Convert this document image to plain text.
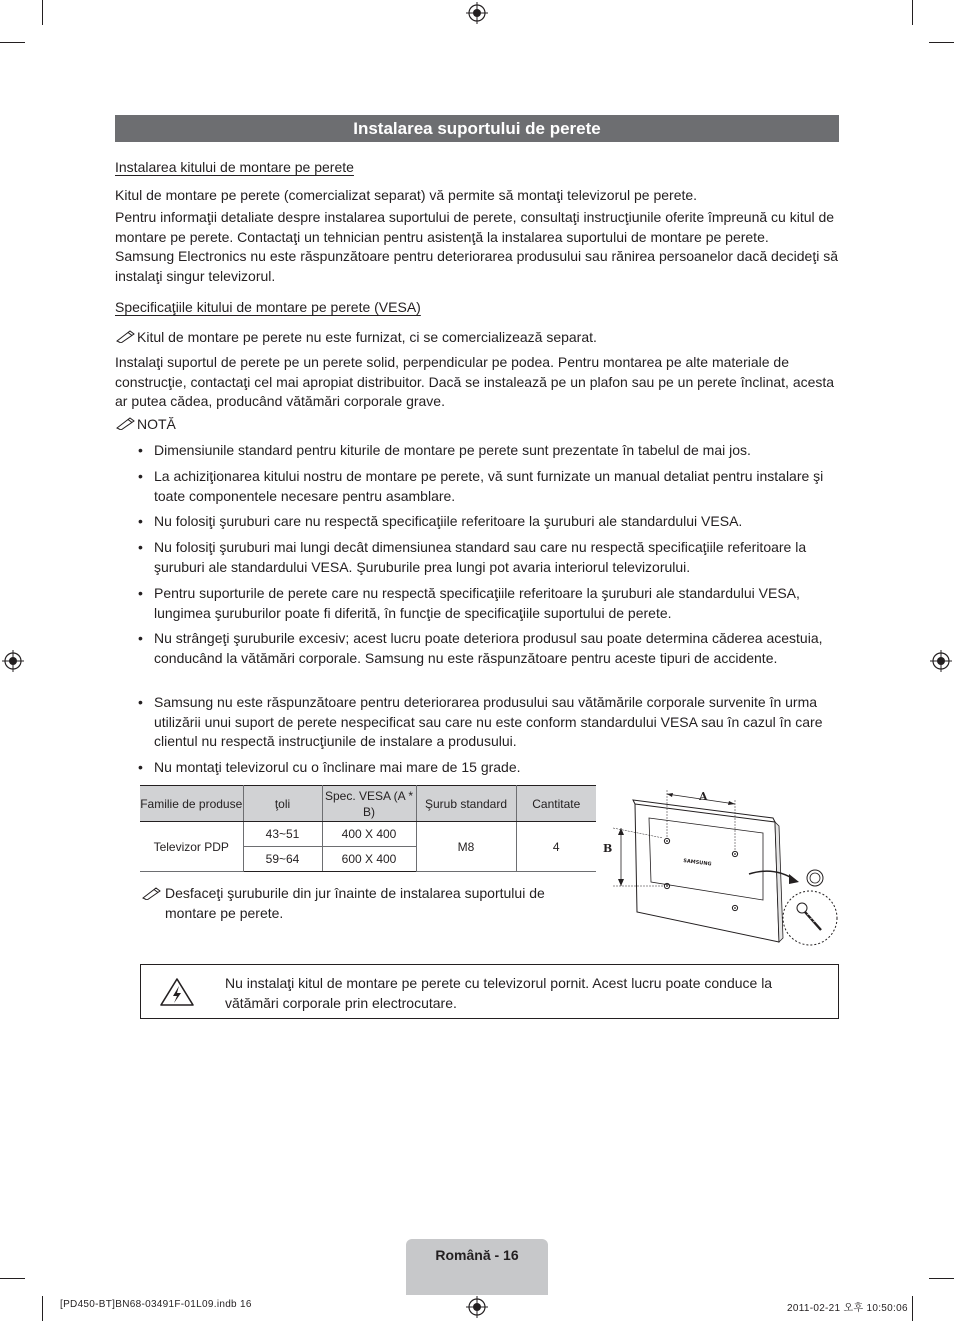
Instalarea suportului de perete
Instalarea kitului de montare pe perete
Kitul de montare pe perete (comercializat separat) vă permite să montaţi televizorul pe perete.
Pentru informaţii detaliate despre instalarea suportului de perete, consultaţi instrucţiunile oferite împreună cu kitul de montare pe perete. Contactaţi un tehnician pentru asistenţă la instalarea suportului de montare pe perete.
Samsung Electronics nu este răspunzătoare pentru deteriorarea produsului sau rănirea persoanelor dacă decideţi să instalaţi singur televizorul.
Specificaţiile kitului de montare pe perete (VESA)
Kitul de montare pe perete nu este furnizat, ci se comercializează separat.
Instalaţi suportul de perete pe un perete solid, perpendicular pe podea. Pentru montarea pe alte materiale de construcţie, contactaţi cel mai apropiat distribuitor. Dacă se instalează pe un plafon sau pe un perete înclinat, acesta ar putea cădea, producând vătămări corporale grave.
NOTĂ
• Dimensiunile standard pentru kiturile de montare pe perete sunt prezentate în tabelul de mai jos.
• La achiziţionarea kitului nostru de montare pe perete, vă sunt furnizate un manual detaliat pentru instalare şi toate componentele necesare pentru asamblare.
• Nu folosiţi şuruburi care nu respectă specificaţiile referitoare la şuruburi ale standardului VESA.
• Nu folosiţi şuruburi mai lungi decât dimensiunea standard sau care nu respectă specificaţiile referitoare la şuruburi ale standardului VESA. Şuruburile prea lungi pot avaria interiorul televizorului.
• Pentru suporturile de perete care nu respectă specificaţiile referitoare la şuruburi ale standardului VESA, lungimea şuruburilor poate fi diferită, în funcţie de specificaţiile suportului de perete.
• Nu strângeţi şuruburile excesiv; acest lucru poate deteriora produsul sau poate determina căderea acestuia, conducând la vătămări corporale. Samsung nu este răspunzătoare pentru aceste tipuri de accidente.
• Samsung nu este răspunzătoare pentru deteriorarea produsului sau vătămările corporale survenite în urma utilizării unui suport de perete nespecificat sau care nu este conform standardului VESA sau în cazul în care clientul nu respectă instrucţiunile de instalare a produsului.
• Nu montaţi televizorul cu o înclinare mai mare de 15 grade.
Familie de produse	ţoli	Spec. VESA (A * B)	Şurub standard	Cantitate
Televizor PDP	43~51	400 X 400	M8	4
	59~64	600 X 400		
Desfaceţi şuruburile din jur înainte de instalarea suportului de montare pe perete.
SAMSUNG
A
B
Nu instalaţi kitul de montare pe perete cu televizorul pornit. Acest lucru poate conduce la vătămări corporale prin electrocutare.
Română - 16
[PD450-BT]BN68-03491F-01L09.indb 16	2011-02-21 오후 10:50:06
